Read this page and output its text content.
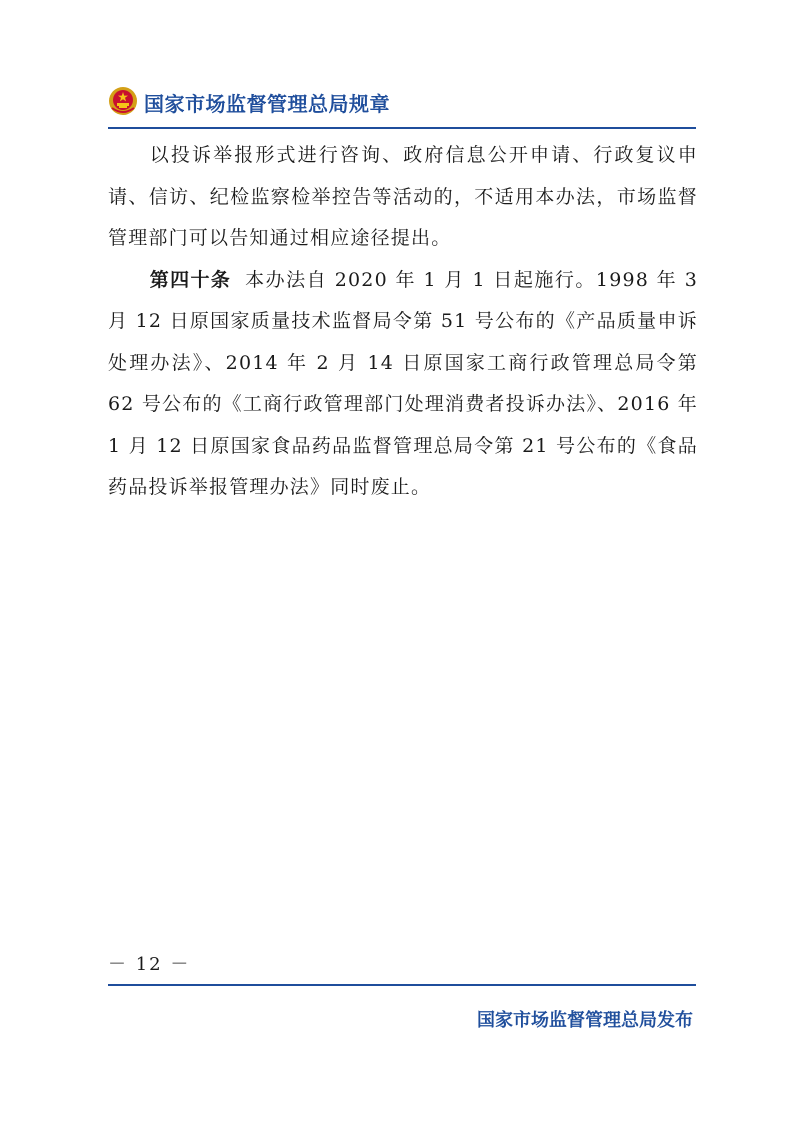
国家市场监督管理总局规章

以投诉举报形式进行咨询、政府信息公开申请、行政复议申请、信访、纪检监察检举控告等活动的，不适用本办法，市场监督管理部门可以告知通过相应途径提出。

第四十条 本办法自 2020 年 1 月 1 日起施行。1998 年 3 月 12 日原国家质量技术监督局令第 51 号公布的《产品质量申诉处理办法》、2014 年 2 月 14 日原国家工商行政管理总局令第 62 号公布的《工商行政管理部门处理消费者投诉办法》、2016 年 1 月 12 日原国家食品药品监督管理总局令第 21 号公布的《食品药品投诉举报管理办法》同时废止。

－ 12 －
国家市场监督管理总局发布
